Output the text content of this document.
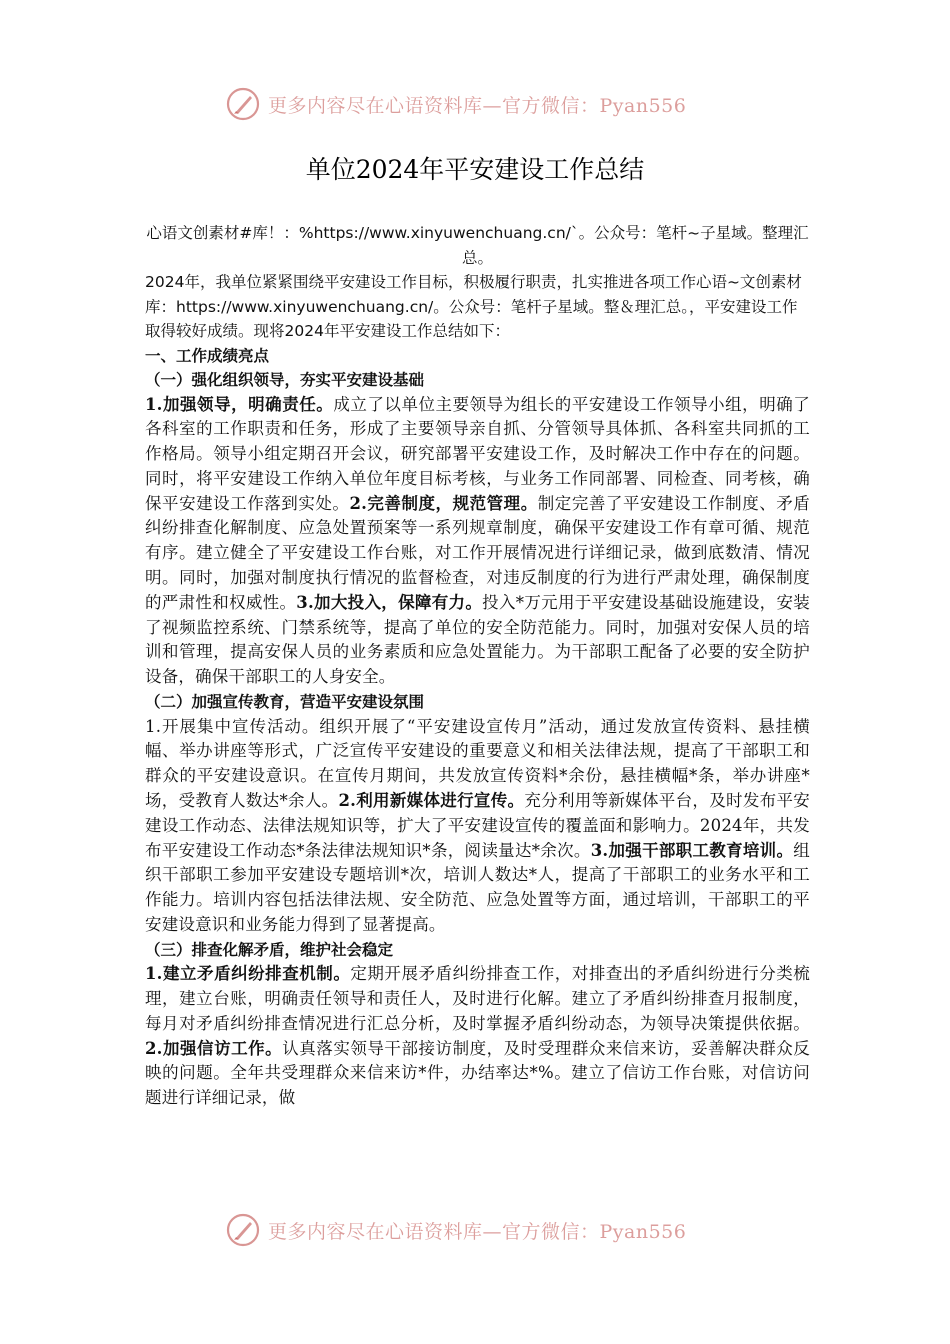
更多内容尽在心语资料库—官方微信：Pyan556
单位2024年平安建设工作总结

心语文创素材#库！：%https://www.xinyuwenchuang.cn/`。公众号：笔杆~子星域。整理汇总。

2024年，我单位紧紧围绕平安建设工作目标，积极履行职责，扎实推进各项工作心语~文创素材库：https://www.xinyuwenchuang.cn/。公众号：笔杆子星域。整＆理汇总。，平安建设工作取得较好成绩。现将2024年平安建设工作总结如下：

一、工作成绩亮点

（一）强化组织领导，夯实平安建设基础

1.加强领导，明确责任。成立了以单位主要领导为组长的平安建设工作领导小组，明确了各科室的工作职责和任务，形成了主要领导亲自抓、分管领导具体抓、各科室共同抓的工作格局。领导小组定期召开会议，研究部署平安建设工作，及时解决工作中存在的问题。同时，将平安建设工作纳入单位年度目标考核，与业务工作同部署、同检查、同考核，确保平安建设工作落到实处。2.完善制度，规范管理。制定完善了平安建设工作制度、矛盾纠纷排查化解制度、应急处置预案等一系列规章制度，确保平安建设工作有章可循、规范有序。建立健全了平安建设工作台账，对工作开展情况进行详细记录，做到底数清、情况明。同时，加强对制度执行情况的监督检查，对违反制度的行为进行严肃处理，确保制度的严肃性和权威性。3.加大投入，保障有力。投入*万元用于平安建设基础设施建设，安装了视频监控系统、门禁系统等，提高了单位的安全防范能力。同时，加强对安保人员的培训和管理，提高安保人员的业务素质和应急处置能力。为干部职工配备了必要的安全防护设备，确保干部职工的人身安全。

（二）加强宣传教育，营造平安建设氛围

1.开展集中宣传活动。组织开展了“平安建设宣传月”活动，通过发放宣传资料、悬挂横幅、举办讲座等形式，广泛宣传平安建设的重要意义和相关法律法规，提高了干部职工和群众的平安建设意识。在宣传月期间，共发放宣传资料*余份，悬挂横幅*条，举办讲座*场，受教育人数达*余人。2.利用新媒体进行宣传。充分利用等新媒体平台，及时发布平安建设工作动态、法律法规知识等，扩大了平安建设宣传的覆盖面和影响力。2024年，共发布平安建设工作动态*条法律法规知识*条，阅读量达*余次。3.加强干部职工教育培训。组织干部职工参加平安建设专题培训*次，培训人数达*人，提高了干部职工的业务水平和工作能力。培训内容包括法律法规、安全防范、应急处置等方面，通过培训，干部职工的平安建设意识和业务能力得到了显著提高。

（三）排查化解矛盾，维护社会稳定

1.建立矛盾纠纷排查机制。定期开展矛盾纠纷排查工作，对排查出的矛盾纠纷进行分类梳理，建立台账，明确责任领导和责任人，及时进行化解。建立了矛盾纠纷排查月报制度，每月对矛盾纠纷排查情况进行汇总分析，及时掌握矛盾纠纷动态，为领导决策提供依据。2.加强信访工作。认真落实领导干部接访制度，及时受理群众来信来访，妥善解决群众反映的问题。全年共受理群众来信来访*件，办结率达*%。建立了信访工作台账，对信访问题进行详细记录，做

更多内容尽在心语资料库—官方微信：Pyan556
